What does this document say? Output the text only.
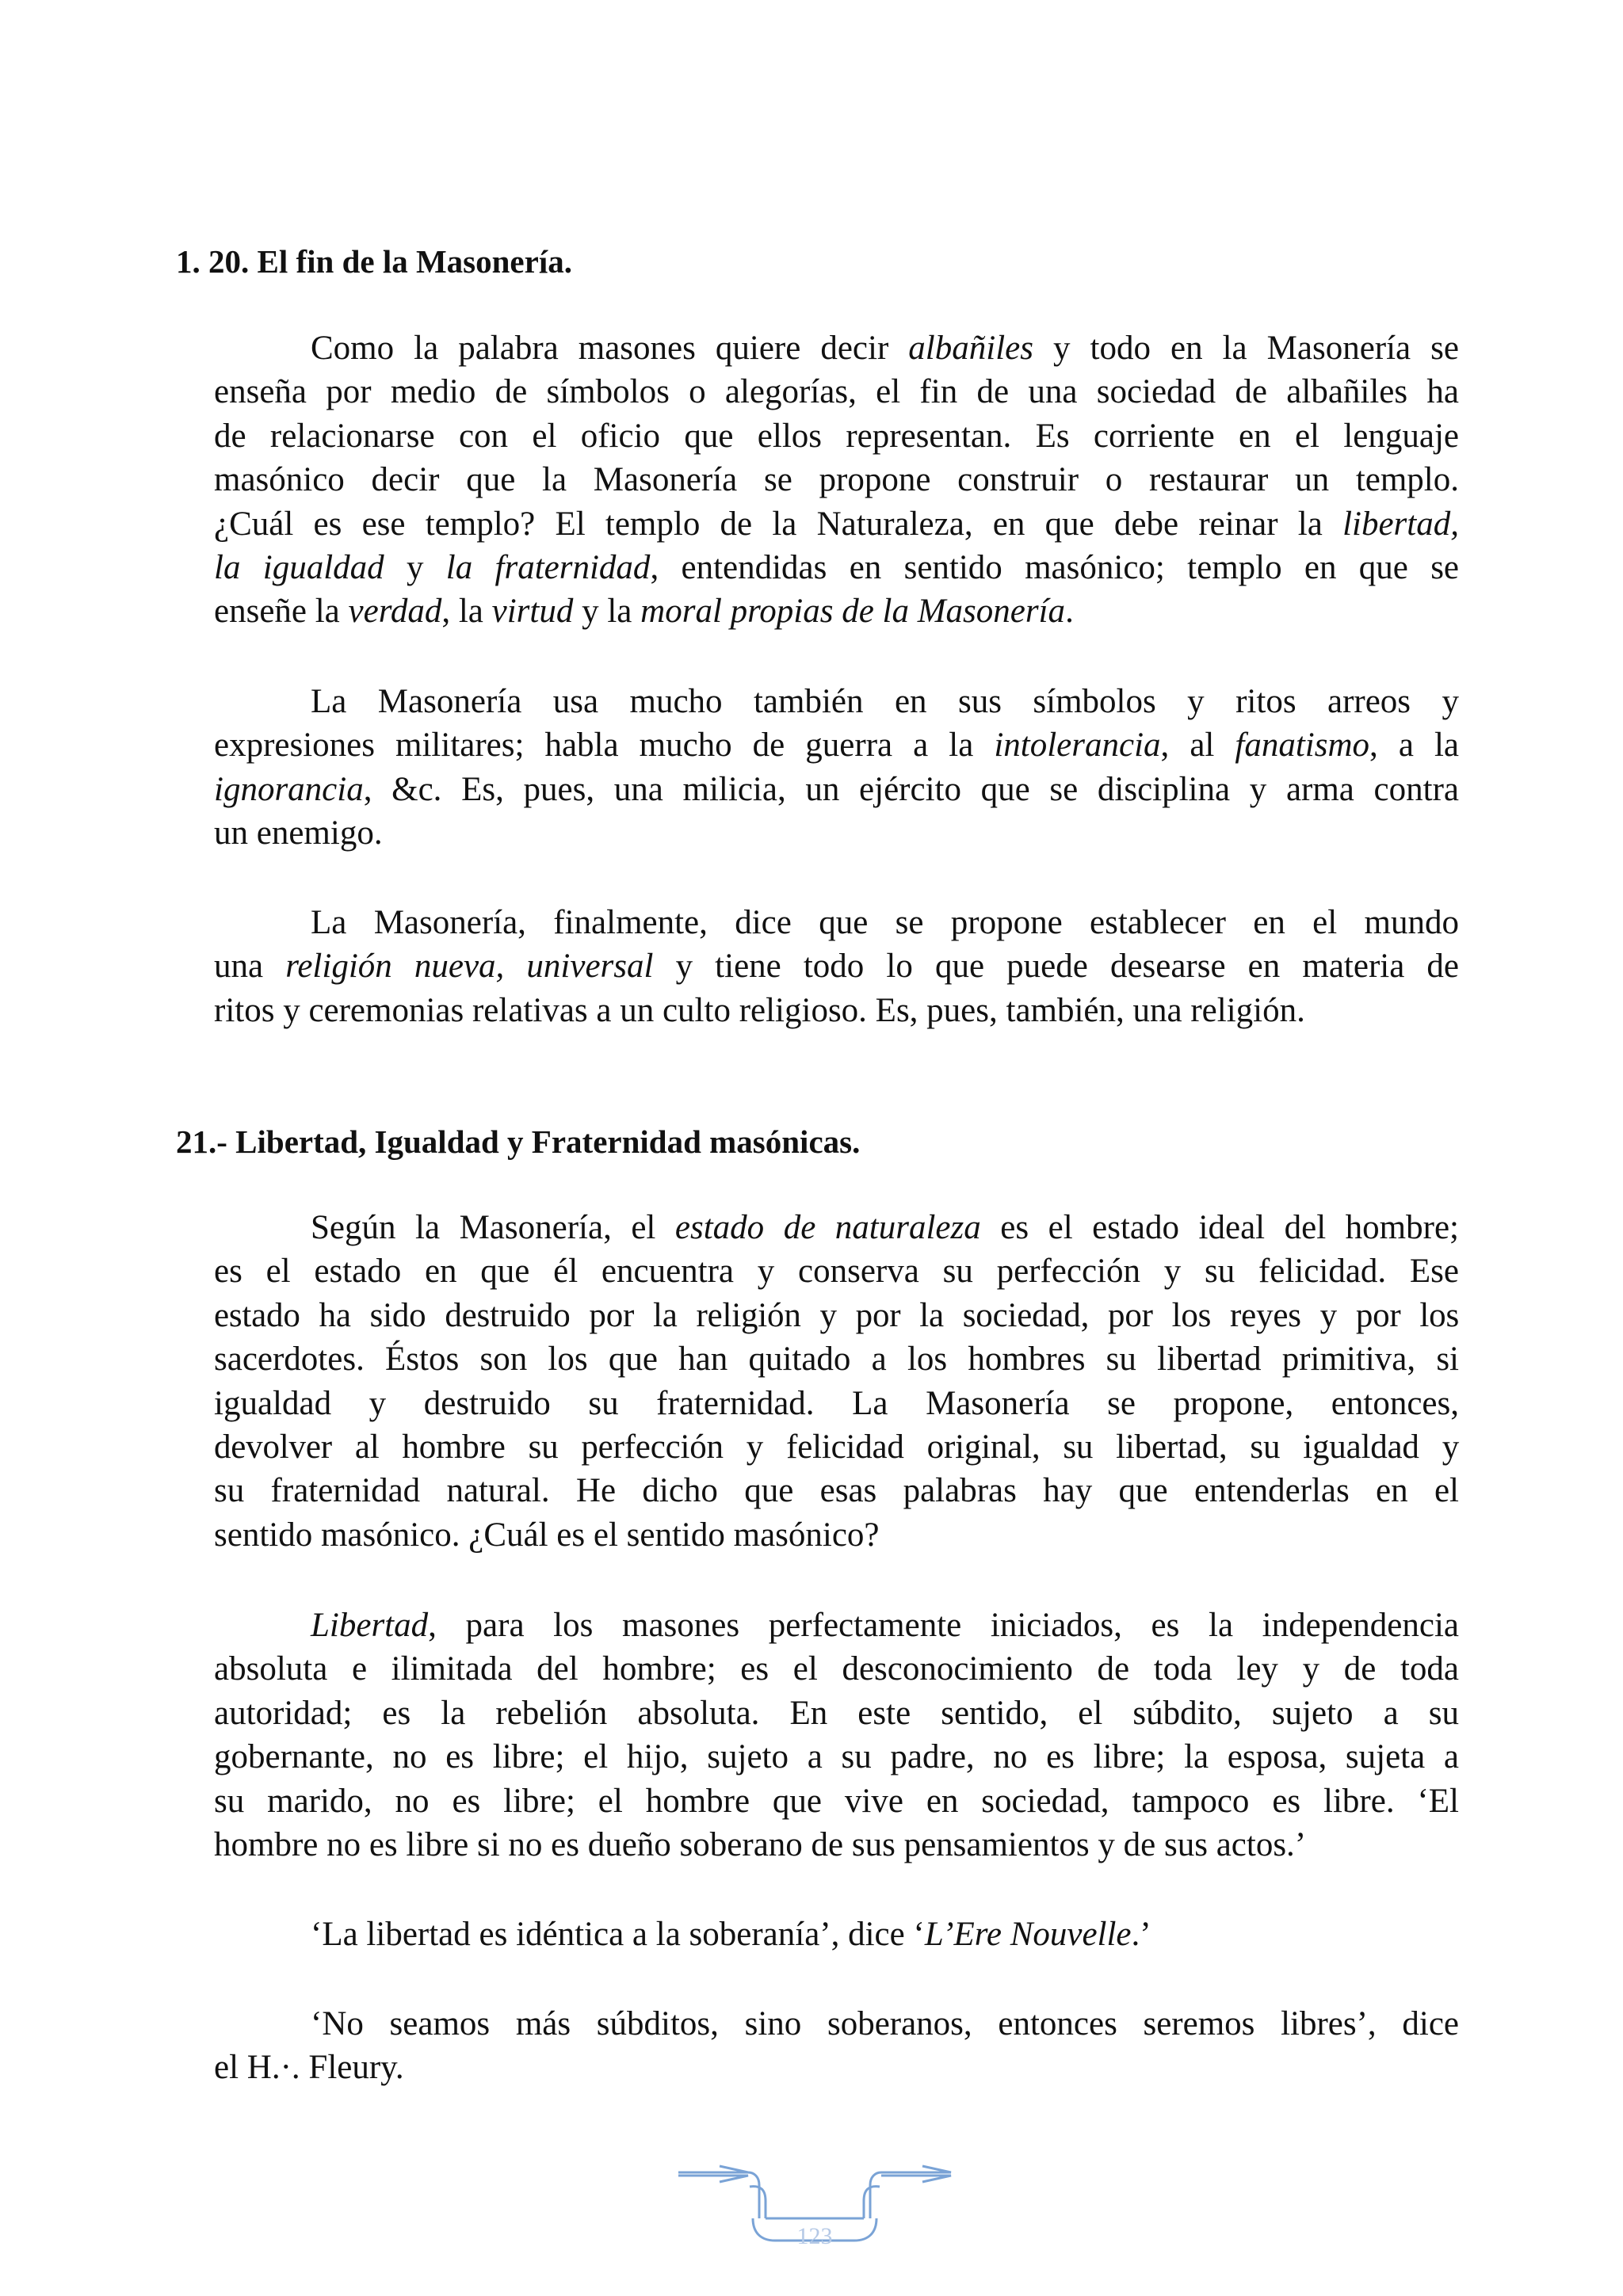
1. 20. El fin de la Masonería.
Como la palabra masones quiere decir albañiles y todo en la Masonería se
enseña por medio de símbolos o alegorías, el fin de una sociedad de albañiles ha
de relacionarse con el oficio que ellos representan. Es corriente en el lenguaje
masónico decir que la Masonería se propone construir o restaurar un templo.
¿Cuál es ese templo? El templo de la Naturaleza, en que debe reinar la libertad,
la igualdad y la fraternidad, entendidas en sentido masónico; templo en que se
enseñe la verdad, la virtud y la moral propias de la Masonería.
La Masonería usa mucho también en sus símbolos y ritos arreos y
expresiones militares; habla mucho de guerra a la intolerancia, al fanatismo, a la
ignorancia, &c. Es, pues, una milicia, un ejército que se disciplina y arma contra
un enemigo.
La Masonería, finalmente, dice que se propone establecer en el mundo
una religión nueva, universal y tiene todo lo que puede desearse en materia de
ritos y ceremonias relativas a un culto religioso. Es, pues, también, una religión.
21.- Libertad, Igualdad y Fraternidad masónicas.
Según la Masonería, el estado de naturaleza es el estado ideal del hombre;
es el estado en que él encuentra y conserva su perfección y su felicidad. Ese
estado ha sido destruido por la religión y por la sociedad, por los reyes y por los
sacerdotes. Éstos son los que han quitado a los hombres su libertad primitiva, si
igualdad y destruido su fraternidad. La Masonería se propone, entonces,
devolver al hombre su perfección y felicidad original, su libertad, su igualdad y
su fraternidad natural. He dicho que esas palabras hay que entenderlas en el
sentido masónico. ¿Cuál es el sentido masónico?
Libertad, para los masones perfectamente iniciados, es la independencia
absoluta e ilimitada del hombre; es el desconocimiento de toda ley y de toda
autoridad; es la rebelión absoluta. En este sentido, el súbdito, sujeto a su
gobernante, no es libre; el hijo, sujeto a su padre, no es libre; la esposa, sujeta a
su marido, no es libre; el hombre que vive en sociedad, tampoco es libre. ‘El
hombre no es libre si no es dueño soberano de sus pensamientos y de sus actos.’
‘La libertad es idéntica a la soberanía’, dice ‘L’Ere Nouvelle.’
‘No seamos más súbditos, sino soberanos, entonces seremos libres’, dice
el H.·. Fleury.
123
